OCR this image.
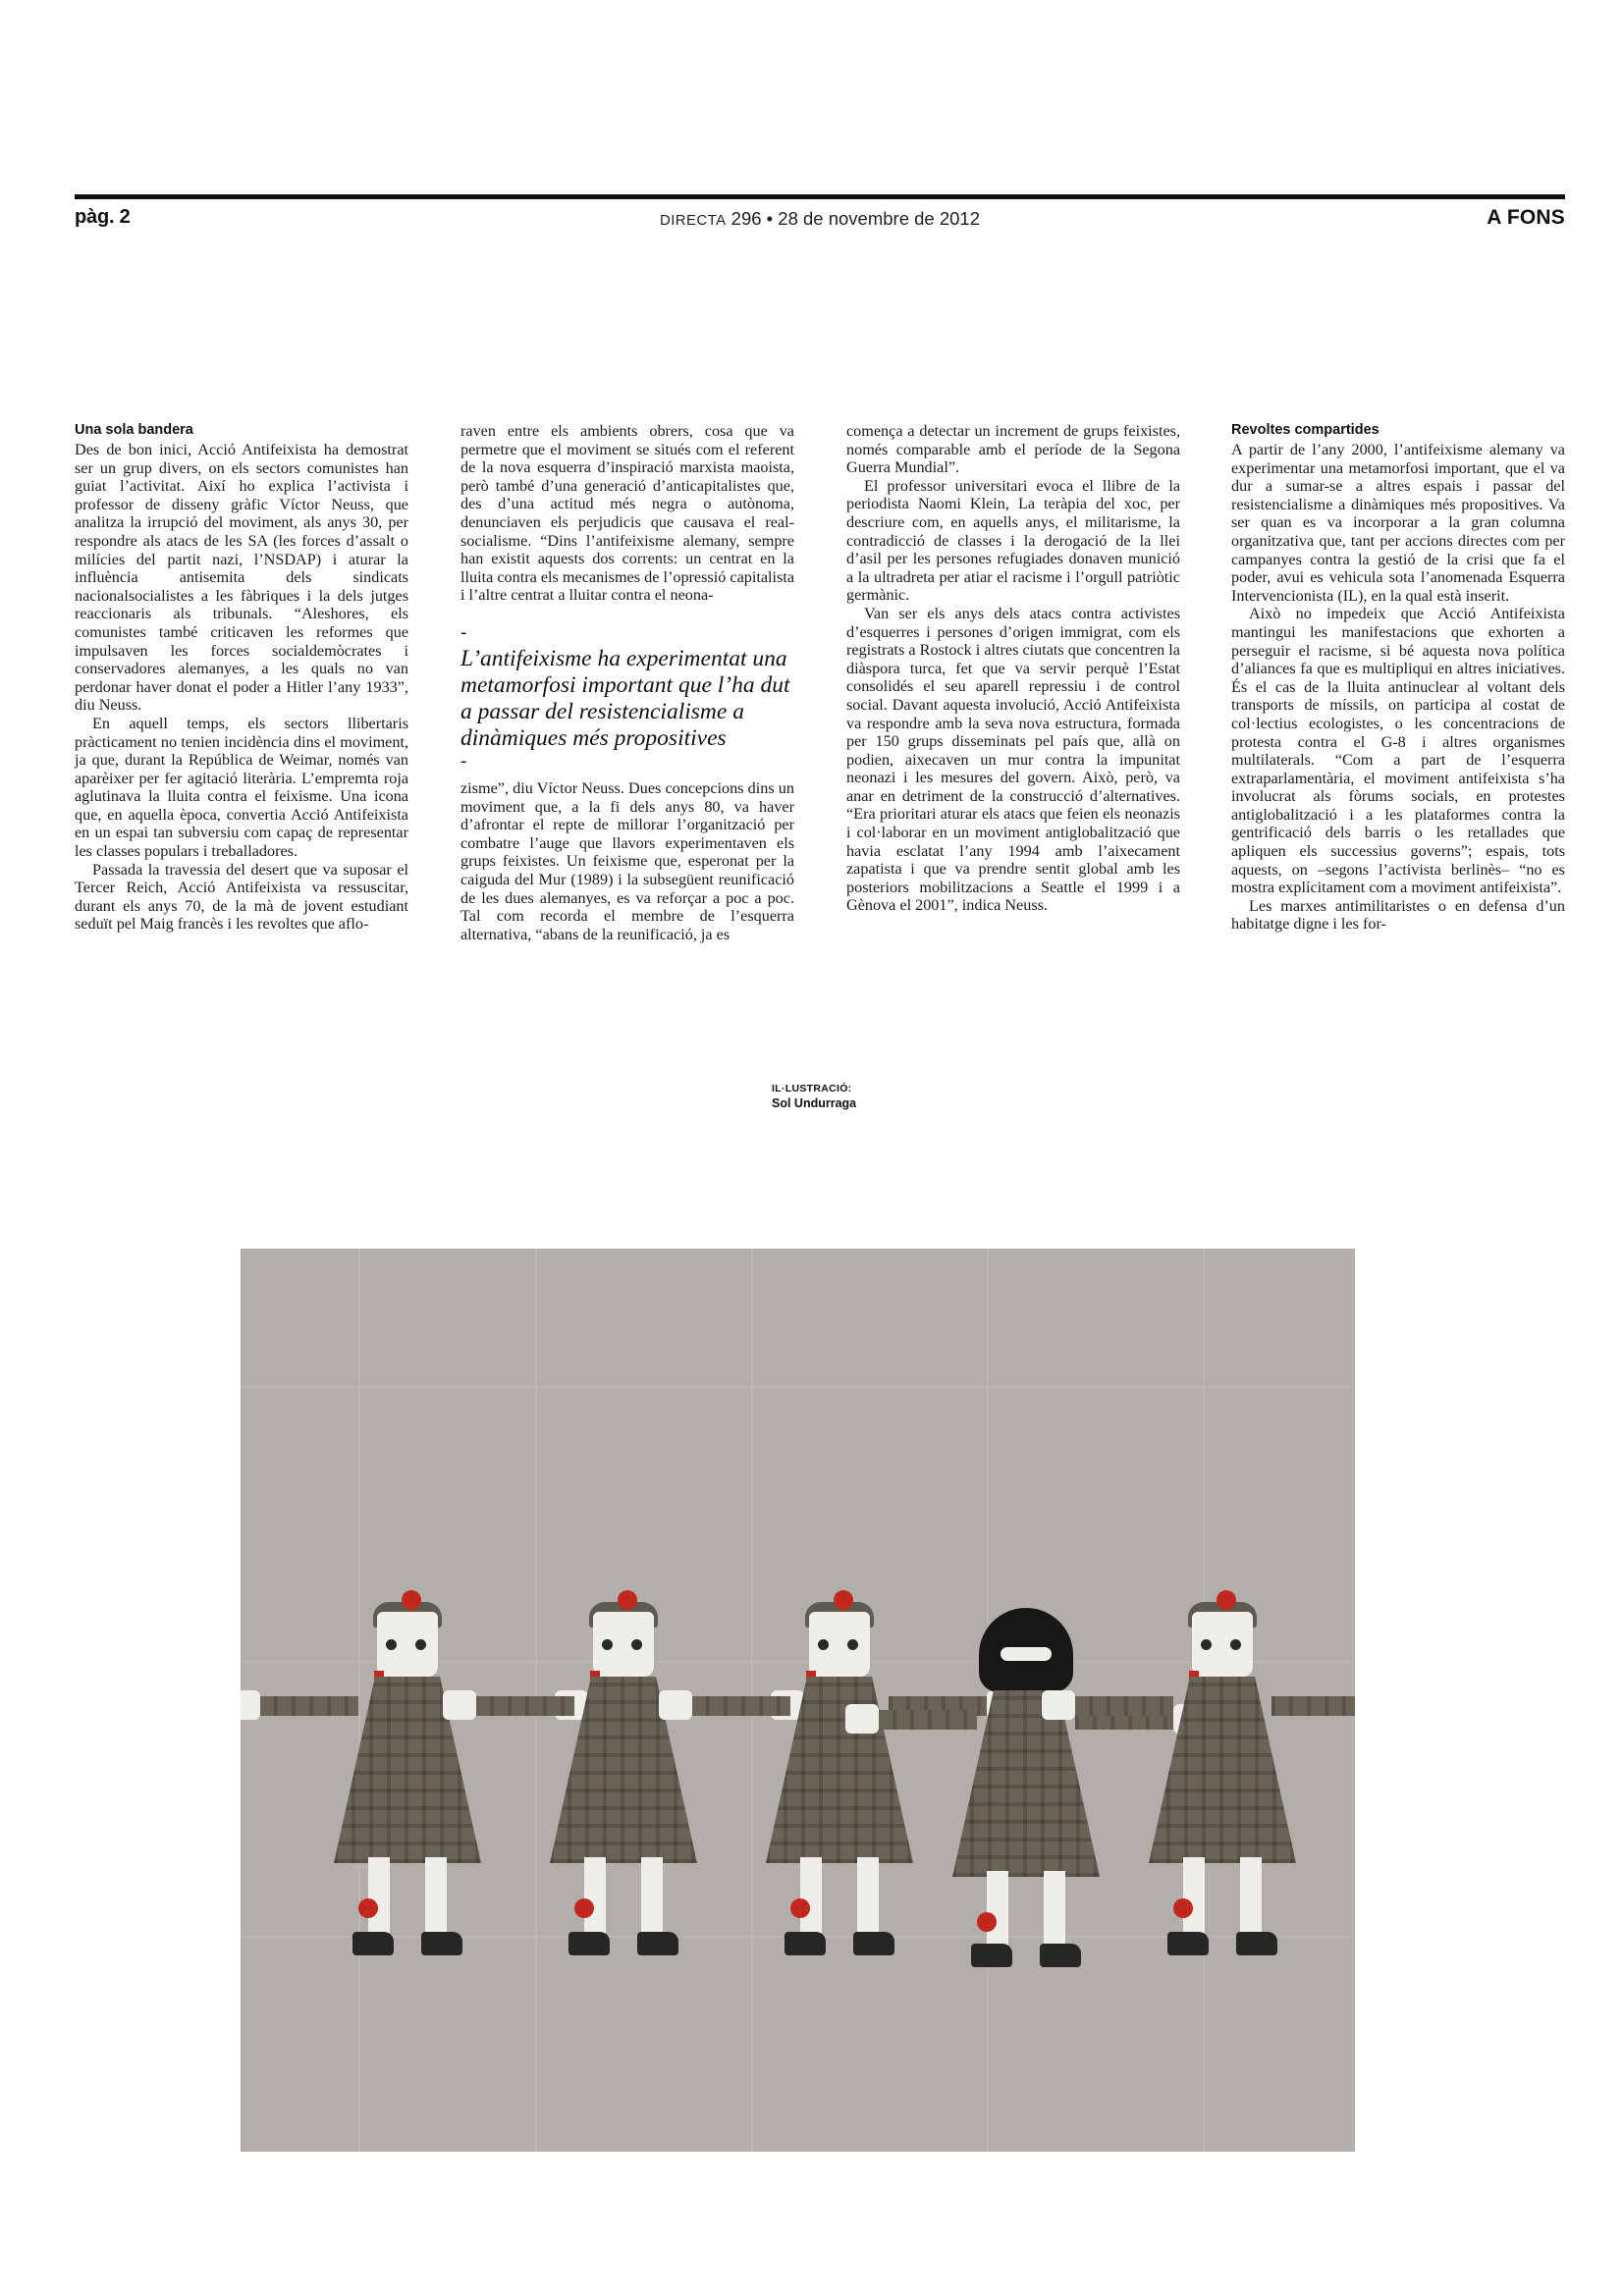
pàg. 2	DIRECTA 296 • 28 de novembre de 2012	A FONS
Una sola bandera

Des de bon inici, Acció Antifeixista ha demostrat ser un grup divers, on els sectors comunistes han guiat l’activitat. Així ho explica l’activista i professor de disseny gràfic Víctor Neuss, que analitza la irrupció del moviment, als anys 30, per respondre als atacs de les SA (les forces d’assalt o milícies del partit nazi, l’NSDAP) i aturar la influència antisemita dels sindicats nacionalsocialistes a les fàbriques i la dels jutges reaccionaris als tribunals. “Aleshores, els comunistes també criticaven les reformes que impulsaven les forces socialdemòcrates i conservadores alemanyes, a les quals no van perdonar haver donat el poder a Hitler l’any 1933”, diu Neuss.

En aquell temps, els sectors llibertaris pràcticament no tenien incidència dins el moviment, ja que, durant la República de Weimar, només van aparèixer per fer agitació literària. L’empremta roja aglutinava la lluita contra el feixisme. Una icona que, en aquella època, convertia Acció Antifeixista en un espai tan subversiu com capaç de representar les classes populars i treballadores.

Passada la travessia del desert que va suposar el Tercer Reich, Acció Antifeixista va ressuscitar, durant els anys 70, de la mà de jovent estudiant seduït pel Maig francès i les revoltes que aflo-

raven entre els ambients obrers, cosa que va permetre que el moviment se situés com el referent de la nova esquerra d’inspiració marxista maoista, però també d’una generació d’anticapitalistes que, des d’una actitud més negra o autònoma, denunciaven els perjudicis que causava el real-socialisme. “Dins l’antifeixisme alemany, sempre han existit aquests dos corrents: un centrat en la lluita contra els mecanismes de l’opressió capitalista i l’altre centrat a lluitar contra el neona-

-
L’antifeixisme ha experimentat una metamorfosi important que l’ha dut a passar del resistencialisme a dinàmiques més propositives
-

zisme”, diu Víctor Neuss. Dues concepcions dins un moviment que, a la fi dels anys 80, va haver d’afrontar el repte de millorar l’organització per combatre l’auge que llavors experimentaven els grups feixistes. Un feixisme que, esperonat per la caiguda del Mur (1989) i la subsegüent reunificació de les dues alemanyes, es va reforçar a poc a poc. Tal com recorda el membre de l’esquerra alternativa, “abans de la reunificació, ja es

comença a detectar un increment de grups feixistes, només comparable amb el període de la Segona Guerra Mundial”.

El professor universitari evoca el llibre de la periodista Naomi Klein, La teràpia del xoc, per descriure com, en aquells anys, el militarisme, la contradicció de classes i la derogació de la llei d’asil per les persones refugiades donaven munició a la ultradreta per atiar el racisme i l’orgull patriòtic germànic.

Van ser els anys dels atacs contra activistes d’esquerres i persones d’origen immigrat, com els registrats a Rostock i altres ciutats que concentren la diàspora turca, fet que va servir perquè l’Estat consolidés el seu aparell repressiu i de control social. Davant aquesta involució, Acció Antifeixista va respondre amb la seva nova estructura, formada per 150 grups disseminats pel país que, allà on podien, aixecaven un mur contra la impunitat neonazi i les mesures del govern. Això, però, va anar en detriment de la construcció d’alternatives. “Era prioritari aturar els atacs que feien els neonazis i col·laborar en un moviment antiglobalització que havia esclatat l’any 1994 amb l’aixecament zapatista i que va prendre sentit global amb les posteriors mobilitzacions a Seattle el 1999 i a Gènova el 2001”, indica Neuss.

Revoltes compartides

A partir de l’any 2000, l’antifeixisme alemany va experimentar una metamorfosi important, que el va dur a sumar-se a altres espais i passar del resistencialisme a dinàmiques més propositives. Va ser quan es va incorporar a la gran columna organitzativa que, tant per accions directes com per campanyes contra la gestió de la crisi que fa el poder, avui es vehicula sota l’anomenada Esquerra Intervencionista (IL), en la qual està inserit.

Això no impedeix que Acció Antifeixista mantingui les manifestacions que exhorten a perseguir el racisme, si bé aquesta nova política d’aliances fa que es multipliqui en altres iniciatives. És el cas de la lluita antinuclear al voltant dels transports de míssils, on participa al costat de col·lectius ecologistes, o les concentracions de protesta contra el G-8 i altres organismes multilaterals. “Com a part de l’esquerra extraparlamentària, el moviment antifeixista s’ha involucrat als fòrums socials, en protestes antiglobalització i a les plataformes contra la gentrificació dels barris o les retallades que apliquen els successius governs”; espais, tots aquests, on –segons l’activista berlinès– “no es mostra explícitament com a moviment antifeixista”.

Les marxes antimilitaristes o en defensa d’un habitatge digne i les for-

IL·LUSTRACIÓ:
Sol Undurraga
